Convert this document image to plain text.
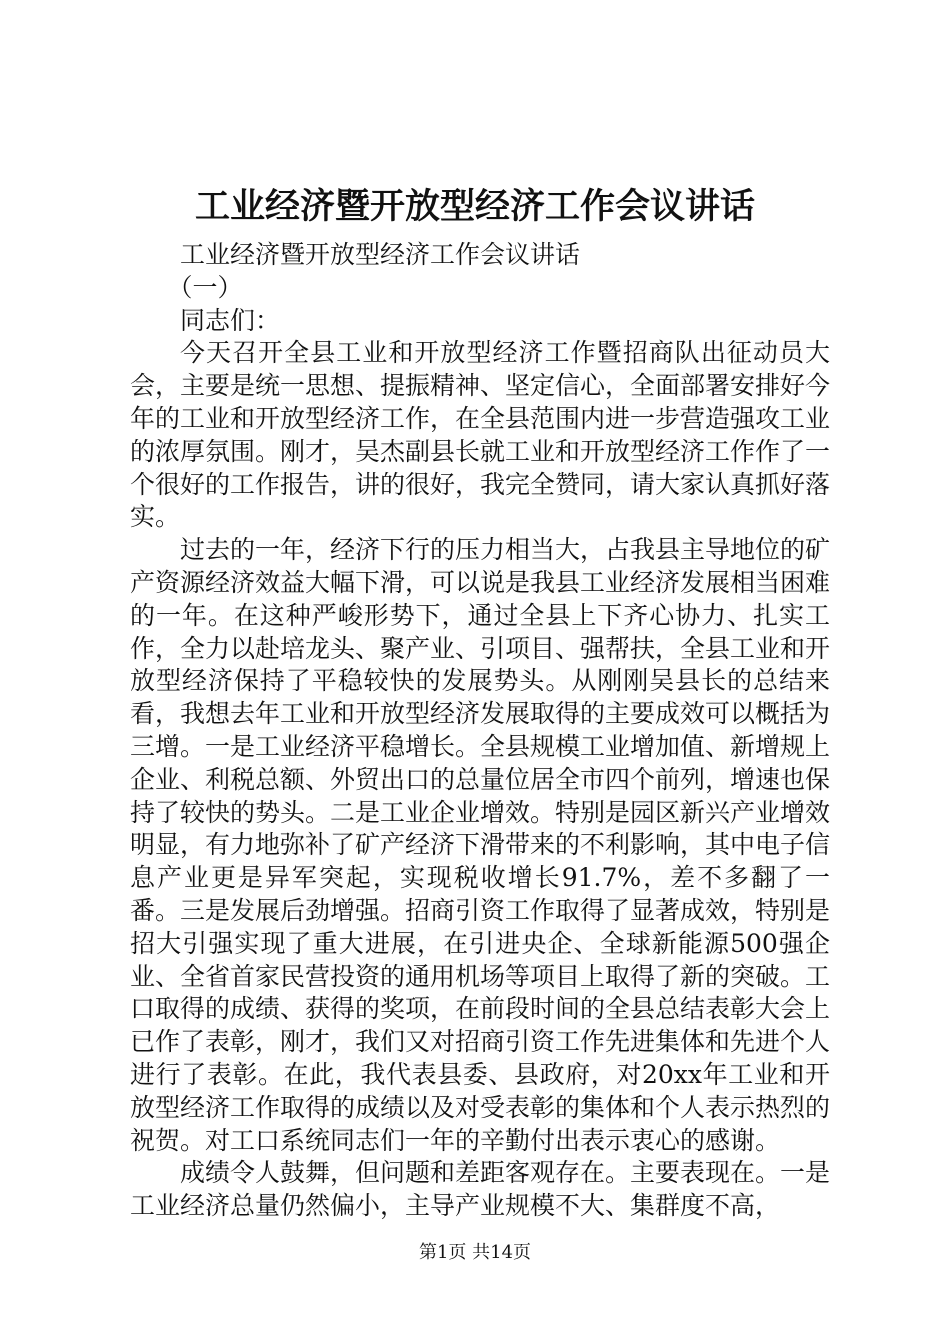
工业经济暨开放型经济工作会议讲话

工业经济暨开放型经济工作会议讲话

（一）

同志们：

今天召开全县工业和开放型经济工作暨招商队出征动员大会，主要是统一思想、提振精神、坚定信心，全面部署安排好今年的工业和开放型经济工作，在全县范围内进一步营造强攻工业的浓厚氛围。刚才，吴杰副县长就工业和开放型经济工作作了一个很好的工作报告，讲的很好，我完全赞同，请大家认真抓好落实。

过去的一年，经济下行的压力相当大，占我县主导地位的矿产资源经济效益大幅下滑，可以说是我县工业经济发展相当困难的一年。在这种严峻形势下，通过全县上下齐心协力、扎实工作，全力以赴培龙头、聚产业、引项目、强帮扶，全县工业和开放型经济保持了平稳较快的发展势头。从刚刚吴县长的总结来看，我想去年工业和开放型经济发展取得的主要成效可以概括为三增。一是工业经济平稳增长。全县规模工业增加值、新增规上企业、利税总额、外贸出口的总量位居全市四个前列，增速也保持了较快的势头。二是工业企业增效。特别是园区新兴产业增效明显，有力地弥补了矿产经济下滑带来的不利影响，其中电子信息产业更是异军突起，实现税收增长91.7%，差不多翻了一番。三是发展后劲增强。招商引资工作取得了显著成效，特别是招大引强实现了重大进展，在引进央企、全球新能源500强企业、全省首家民营投资的通用机场等项目上取得了新的突破。工口取得的成绩、获得的奖项，在前段时间的全县总结表彰大会上已作了表彰，刚才，我们又对招商引资工作先进集体和先进个人进行了表彰。在此，我代表县委、县政府，对20xx年工业和开放型经济工作取得的成绩以及对受表彰的集体和个人表示热烈的祝贺。对工口系统同志们一年的辛勤付出表示衷心的感谢。

成绩令人鼓舞，但问题和差距客观存在。主要表现在。一是工业经济总量仍然偏小，主导产业规模不大、集群度不高，

第1页 共14页
